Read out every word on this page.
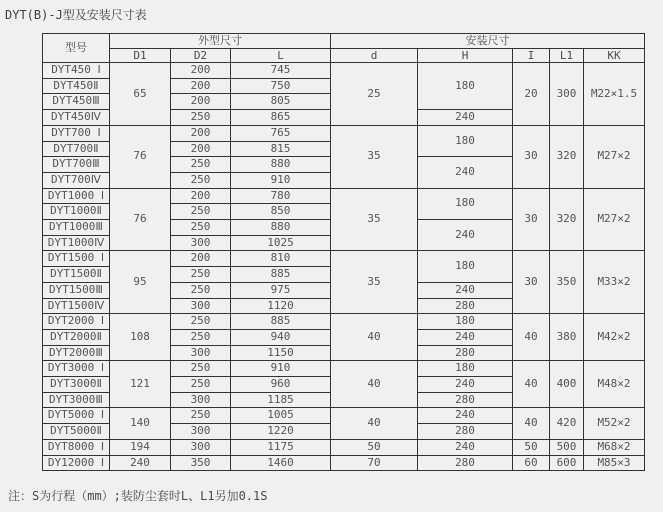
DYT(B)-J型及安装尺寸表
型号	外型尺寸			安装尺寸				
	D1	D2	L	d	H	I	L1	KK
DYT450 Ⅰ	65	200	745	25	180	20	300	M22×1.5
DYT450Ⅱ		200	750					
DYT450Ⅲ		200	805					
DYT450Ⅳ		250	865		240			
DYT700 Ⅰ	76	200	765	35	180	30	320	M27×2
DYT700Ⅱ		200	815					
DYT700Ⅲ		250	880		240			
DYT700Ⅳ		250	910					
DYT1000 Ⅰ	76	200	780	35	180	30	320	M27×2
DYT1000Ⅱ		250	850					
DYT1000Ⅲ		250	880		240			
DYT1000Ⅳ		300	1025					
DYT1500 Ⅰ	95	200	810	35	180	30	350	M33×2
DYT1500Ⅱ		250	885					
DYT1500Ⅲ		250	975		240			
DYT1500Ⅳ		300	1120		280			
DYT2000 Ⅰ	108	250	885	40	180	40	380	M42×2
DYT2000Ⅱ		250	940		240			
DYT2000Ⅲ		300	1150		280			
DYT3000 Ⅰ	121	250	910	40	180	40	400	M48×2
DYT3000Ⅱ		250	960		240			
DYT3000Ⅲ		300	1185		280			
DYT5000 Ⅰ	140	250	1005	40	240	40	420	M52×2
DYT5000Ⅱ		300	1220		280			
DYT8000 Ⅰ	194	300	1175	50	240	50	500	M68×2
DY12000 Ⅰ	240	350	1460	70	280	60	600	M85×3
注：S为行程（mm）;装防尘套时L、L1另加0.1S
